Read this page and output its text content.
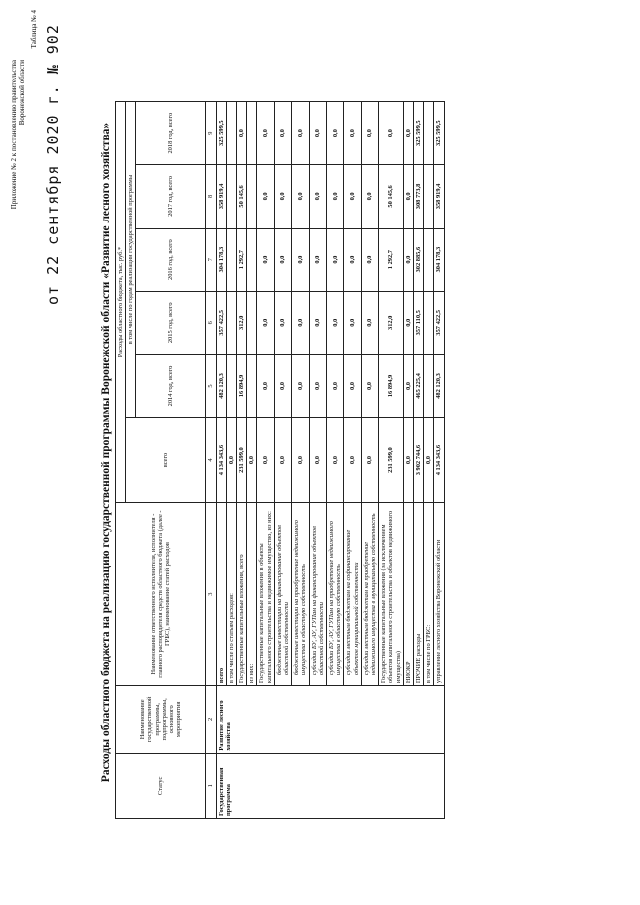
Приложение № 2 к постановлению правительства Воронежской области
Таблица № 4 от 22 сентября 2020 г. № 902	Расходы областного бюджета на реализацию государственной программы Воронежской области «Развитие лесного хозяйства»
Статус	Наименование государственной программы, подпрограммы, основного мероприятия	Наименование ответственного исполнителя, исполнителя - главного распорядителя средств областного бюджета (далее - ГРБС), наименование статей расходов	Расходы областного бюджета, тыс. руб.*					
			всего	в том числе по годам реализации государственной программы				
				2014 год, всего	2015 год, всего	2016 год, всего	2017 год, всего	2018 год, всего
1	2	3	4	5	6	7	8	9
Государственная программа	Развитие лесного хозяйства	всего	4 134 343,6	482 120,3	357 422,5	304 178,3	358 919,4	325 599,5
		в том числе по статьям расходов:	0,0					
		Государственные капитальные вложения, всего	231 599,0	16 894,9	312,0	1 292,7	50 145,6	0,0
		из них:	0,0					
		Государственные капитальные вложения в объекты капитального строительства и недвижимое имущество, из них:	0,0	0,0	0,0	0,0	0,0	0,0
		бюджетные инвестиции на финансирование объектов областной собственности	0,0	0,0	0,0	0,0	0,0	0,0
		бюджетные инвестиции на приобретение недвижимого имущества в областную собственность	0,0	0,0	0,0	0,0	0,0	0,0
		субсидии БУ, АУ, ГУПам на финансирование объектов областной собственности	0,0	0,0	0,0	0,0	0,0	0,0
		субсидии БУ, АУ, ГУПам на приобретение недвижимого имущества в областную собственность	0,0	0,0	0,0	0,0	0,0	0,0
		субсидии местным бюджетам на софинансирование объектов муниципальной собственности	0,0	0,0	0,0	0,0	0,0	0,0
		субсидии местным бюджетам на приобретение недвижимого имущества в муниципальную собственность	0,0	0,0	0,0	0,0	0,0	0,0
		Государственные капитальные вложения (за исключением объектов капитального строительства и объектов недвижимого имущества)	231 599,0	16 894,9	312,0	1 292,7	50 145,6	0,0
		НИОКР	0,0	0,0	0,0	0,0	0,0	0,0
		ПРОЧИЕ расходы	3 902 744,6	465 225,4	357 110,5	302 885,6	308 773,8	325 599,5
		в том числе по ГРБС:	0,0					
		управление лесного хозяйства Воронежской области	4 134 343,6	482 120,3	357 422,5	304 178,3	358 919,4	325 599,5
